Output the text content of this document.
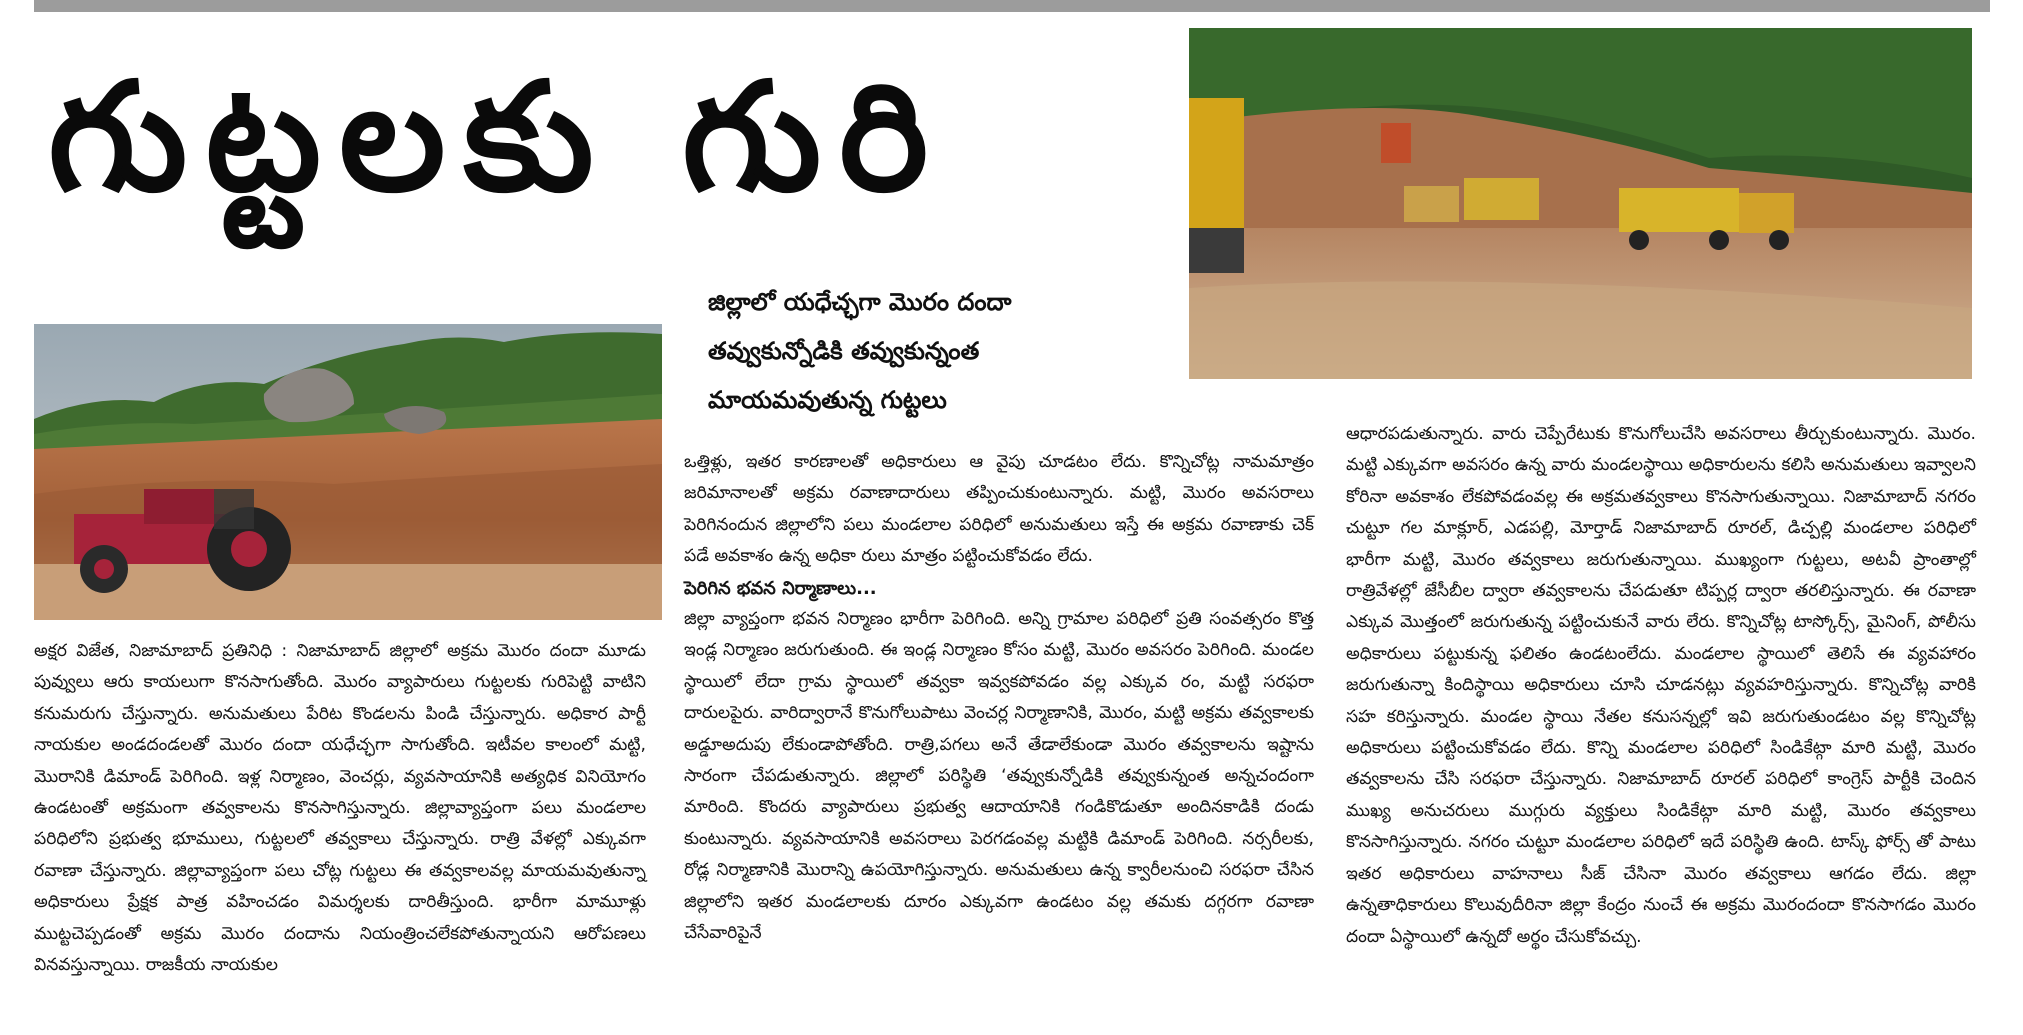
గుట్టలకు గురి
జిల్లాలో యధేచ్ఛగా మొరం దందా
తవ్వుకున్నోడికి తవ్వుకున్నంత
మాయమవుతున్న గుట్టలు

అక్షర విజేత, నిజామాబాద్ ప్రతినిధి : నిజామాబాద్ జిల్లాలో అక్రమ మొరం దందా మూడు పువ్వులు ఆరు కాయలుగా కొనసాగుతోంది. మొరం వ్యాపారులు గుట్టలకు గురిపెట్టి వాటిని కనుమరుగు చేస్తున్నారు. అనుమతులు పేరిట కొండలను పిండి చేస్తున్నారు. అధికార పార్టీ నాయకుల అండదండలతో మొరం దందా యధేచ్ఛగా సాగుతోంది. ఇటీవల కాలంలో మట్టి, మొరానికి డిమాండ్ పెరిగింది. ఇళ్ల నిర్మాణం, వెంచర్లు, వ్యవసాయానికి అత్యధిక వినియోగం ఉండటంతో అక్రమంగా తవ్వకాలను కొనసాగిస్తున్నారు. జిల్లావ్యాప్తంగా పలు మండలాల పరిధిలోని ప్రభుత్వ భూములు, గుట్టలలో తవ్వకాలు చేస్తున్నారు. రాత్రి వేళల్లో ఎక్కువగా రవాణా చేస్తున్నారు. జిల్లావ్యాప్తంగా పలు చోట్ల గుట్టలు ఈ తవ్వకాలవల్ల మాయమవుతున్నా అధికారులు ప్రేక్షక పాత్ర వహించడం విమర్శలకు దారితీస్తుంది. భారీగా మామూళ్లు ముట్టచెప్పడంతో అక్రమ మొరం దందాను నియంత్రించలేకపోతున్నాయని ఆరోపణలు వినవస్తున్నాయి. రాజకీయ నాయకుల

ఒత్తిళ్లు, ఇతర కారణాలతో అధికారులు ఆ వైపు చూడటం లేదు. కొన్నిచోట్ల నామమాత్రం జరిమానాలతో అక్రమ రవాణాదారులు తప్పించుకుంటున్నారు. మట్టి, మొరం అవసరాలు పెరిగినందున జిల్లాలోని పలు మండలాల పరిధిలో అనుమతులు ఇస్తే ఈ అక్రమ రవాణాకు చెక్ పడే అవకాశం ఉన్న అధికా రులు మాత్రం పట్టించుకోవడం లేదు.

పెరిగిన భవన నిర్మాణాలు...

జిల్లా వ్యాప్తంగా భవన నిర్మాణం భారీగా పెరిగింది. అన్ని గ్రామాల పరిధిలో ప్రతి సంవత్సరం కొత్త ఇండ్ల నిర్మాణం జరుగుతుంది. ఈ ఇండ్ల నిర్మాణం కోసం మట్టి, మొరం అవసరం పెరిగింది. మండల స్థాయిలో లేదా గ్రామ స్థాయిలో తవ్వకా ఇవ్వకపోవడం వల్ల ఎక్కువ రం, మట్టి సరఫరా దారులపైరు. వారిద్వారానే కొనుగోలుపాటు వెంచర్ల నిర్మాణానికి, మొరం, మట్టి అక్రమ తవ్వకాలకు అడ్డూఅదుపు లేకుండాపోతోంది. రాత్రి,పగలు అనే తేడాలేకుండా మొరం తవ్వకాలను ఇష్టాను సారంగా చేపడుతున్నారు. జిల్లాలో పరిస్థితి ‘తవ్వుకున్నోడికి తవ్వుకున్నంత అన్నచందంగా మారింది. కొందరు వ్యాపారులు ప్రభుత్వ ఆదాయానికి గండికొడుతూ అందినకాడికి దండు కుంటున్నారు. వ్యవసాయానికి అవసరాలు పెరగడంవల్ల మట్టికి డిమాండ్ పెరిగింది. నర్సరీలకు, రోడ్ల నిర్మాణానికి మొరాన్ని ఉపయోగిస్తున్నారు. అనుమతులు ఉన్న క్వారీలనుంచి సరఫరా చేసిన జిల్లాలోని ఇతర మండలాలకు దూరం ఎక్కువగా ఉండటం వల్ల తమకు దగ్గరగా రవాణా చేసేవారిపైనే

ఆధారపడుతున్నారు. వారు చెప్పేరేటుకు కొనుగోలుచేసి అవసరాలు తీర్చుకుంటున్నారు. మొరం. మట్టి ఎక్కువగా అవసరం ఉన్న వారు మండలస్థాయి అధికారులను కలిసి అనుమతులు ఇవ్వాలని కోరినా అవకాశం లేకపోవడంవల్ల ఈ అక్రమతవ్వకాలు కొనసాగుతున్నాయి. నిజామాబాద్ నగరం చుట్టూ గల మాక్లూర్, ఎడపల్లి, మోర్తాడ్ నిజామాబాద్ రూరల్, డిచ్పల్లి మండలాల పరిధిలో భారీగా మట్టి, మొరం తవ్వకాలు జరుగుతున్నాయి. ముఖ్యంగా గుట్టలు, అటవీ ప్రాంతాల్లో రాత్రివేళల్లో జేసీబీల ద్వారా తవ్వకాలను చేపడుతూ టిప్పర్ల ద్వారా తరలిస్తున్నారు. ఈ రవాణా ఎక్కువ మొత్తంలో జరుగుతున్న పట్టించుకునే వారు లేరు. కొన్నిచోట్ల టాస్కోర్స్, మైనింగ్, పోలీసు అధికారులు పట్టుకున్న ఫలితం ఉండటంలేదు. మండలాల స్థాయిలో తెలిసే ఈ వ్యవహారం జరుగుతున్నా కిందిస్థాయి అధికారులు చూసి చూడనట్లు వ్యవహరిస్తున్నారు. కొన్నిచోట్ల వారికి సహ కరిస్తున్నారు. మండల స్థాయి నేతల కనుసన్నల్లో ఇవి జరుగుతుండటం వల్ల కొన్నిచోట్ల అధికారులు పట్టించుకోవడం లేదు. కొన్ని మండలాల పరిధిలో సిండికేట్గా మారి మట్టి, మొరం తవ్వకాలను చేసి సరఫరా చేస్తున్నారు. నిజామాబాద్ రూరల్ పరిధిలో కాంగ్రెస్ పార్టీకి చెందిన ముఖ్య అనుచరులు ముగ్గురు వ్యక్తులు సిండికేట్గా మారి మట్టి, మొరం తవ్వకాలు కొనసాగిస్తున్నారు. నగరం చుట్టూ మండలాల పరిధిలో ఇదే పరిస్థితి ఉంది. టాస్క్ ఫోర్స్ తో పాటు ఇతర అధికారులు వాహనాలు సీజ్ చేసినా మొరం తవ్వకాలు ఆగడం లేదు. జిల్లా ఉన్నతాధికారులు కొలువుదీరినా జిల్లా కేంద్రం నుంచే ఈ అక్రమ మొరందందా కొనసాగడం మొరం దందా ఏస్థాయిలో ఉన్నదో అర్థం చేసుకోవచ్చు.
